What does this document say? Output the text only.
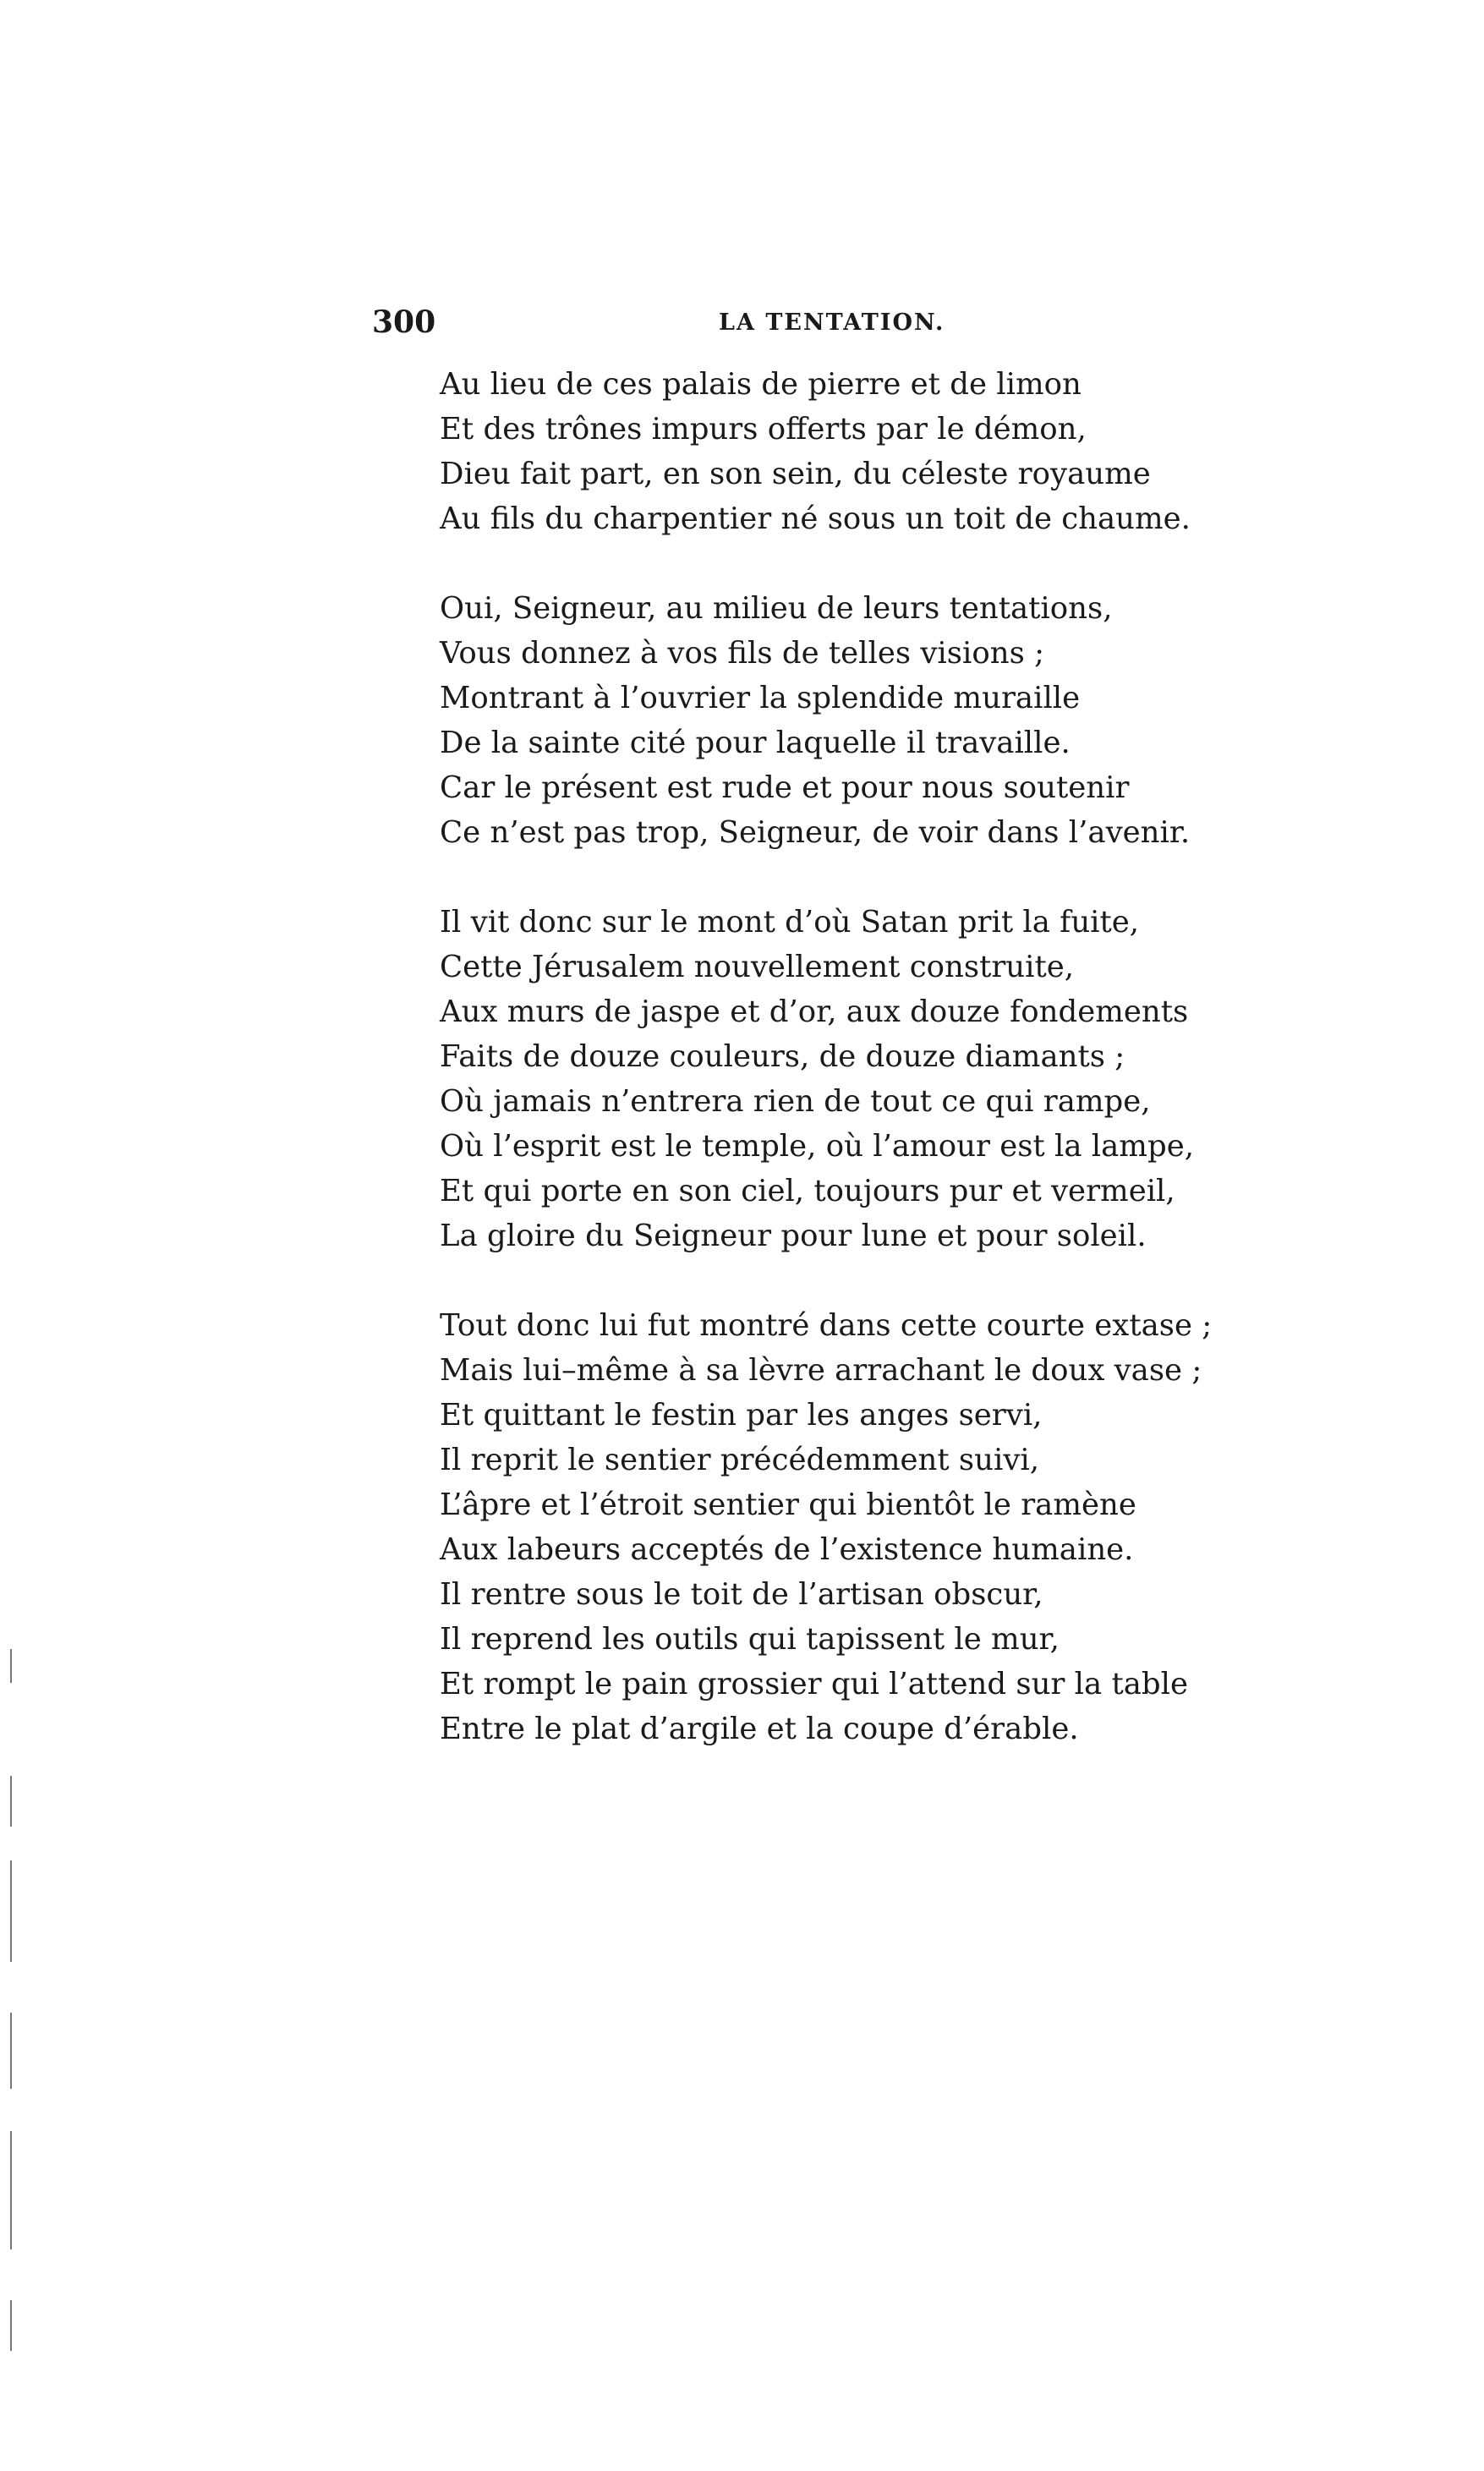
300	LA TENTATION.
Au lieu de ces palais de pierre et de limon
Et des trônes impurs offerts par le démon,
Dieu fait part, en son sein, du céleste royaume
Au fils du charpentier né sous un toit de chaume.
Oui, Seigneur, au milieu de leurs tentations,
Vous donnez à vos fils de telles visions ;
Montrant à l’ouvrier la splendide muraille
De la sainte cité pour laquelle il travaille.
Car le présent est rude et pour nous soutenir
Ce n’est pas trop, Seigneur, de voir dans l’avenir.
Il vit donc sur le mont d’où Satan prit la fuite,
Cette Jérusalem nouvellement construite,
Aux murs de jaspe et d’or, aux douze fondements
Faits de douze couleurs, de douze diamants ;
Où jamais n’entrera rien de tout ce qui rampe,
Où l’esprit est le temple, où l’amour est la lampe,
Et qui porte en son ciel, toujours pur et vermeil,
La gloire du Seigneur pour lune et pour soleil.
Tout donc lui fut montré dans cette courte extase ;
Mais lui–même à sa lèvre arrachant le doux vase ;
Et quittant le festin par les anges servi,
Il reprit le sentier précédemment suivi,
L’âpre et l’étroit sentier qui bientôt le ramène
Aux labeurs acceptés de l’existence humaine.
Il rentre sous le toit de l’artisan obscur,
Il reprend les outils qui tapissent le mur,
Et rompt le pain grossier qui l’attend sur la table
Entre le plat d’argile et la coupe d’érable.
